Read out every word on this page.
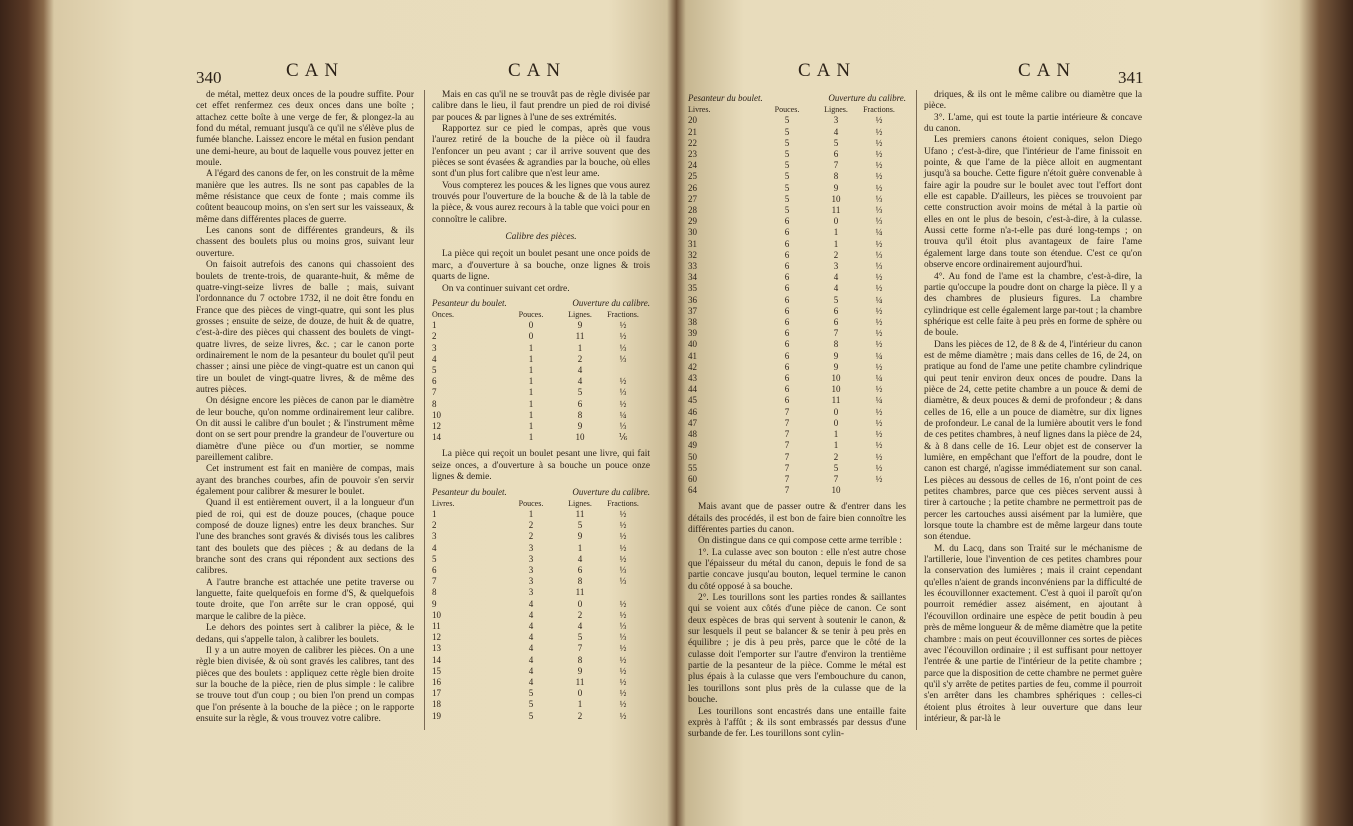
340	CAN	CAN

de métal, mettez deux onces de la poudre suffite. Pour cet effet renfermez ces deux onces dans une boîte ; attachez cette boîte à une verge de fer, & plongez-la au fond du métal, remuant jusqu'à ce qu'il ne s'élève plus de fumée blanche. Laissez encore le métal en fusion pendant une demi-heure, au bout de laquelle vous pouvez jetter en moule.

A l'égard des canons de fer, on les construit de la même manière que les autres. Ils ne sont pas capables de la même résistance que ceux de fonte ; mais comme ils coûtent beaucoup moins, on s'en sert sur les vaisseaux, & même dans différentes places de guerre.

Les canons sont de différentes grandeurs, & ils chassent des boulets plus ou moins gros, suivant leur ouverture.

On faisoit autrefois des canons qui chassoient des boulets de trente-trois, de quarante-huit, & même de quatre-vingt-seize livres de balle ; mais, suivant l'ordonnance du 7 octobre 1732, il ne doit être fondu en France que des pièces de vingt-quatre, qui sont les plus grosses ; ensuite de seize, de douze, de huit & de quatre, c'est-à-dire des pièces qui chassent des boulets de vingt-quatre livres, de seize livres, &c. ; car le canon porte ordinairement le nom de la pesanteur du boulet qu'il peut chasser ; ainsi une pièce de vingt-quatre est un canon qui tire un boulet de vingt-quatre livres, & de même des autres pièces.

On désigne encore les pièces de canon par le diamètre de leur bouche, qu'on nomme ordinairement leur calibre. On dit aussi le calibre d'un boulet ; & l'instrument même dont on se sert pour prendre la grandeur de l'ouverture ou diamètre d'une pièce ou d'un mortier, se nomme pareillement calibre.

Cet instrument est fait en manière de compas, mais ayant des branches courbes, afin de pouvoir s'en servir également pour calibrer & mesurer le boulet.

Quand il est entièrement ouvert, il a la longueur d'un pied de roi, qui est de douze pouces, (chaque pouce composé de douze lignes) entre les deux branches. Sur l'une des branches sont gravés & divisés tous les calibres tant des boulets que des pièces ; & au dedans de la branche sont des crans qui répondent aux sections des calibres.

A l'autre branche est attachée une petite traverse ou languette, faite quelquefois en forme d'S, & quelquefois toute droite, que l'on arrête sur le cran opposé, qui marque le calibre de la pièce.

Le dehors des pointes sert à calibrer la pièce, & le dedans, qui s'appelle talon, à calibrer les boulets.

Il y a un autre moyen de calibrer les pièces. On a une règle bien divisée, & où sont gravés les calibres, tant des pièces que des boulets : appliquez cette règle bien droite sur la bouche de la pièce, rien de plus simple : le calibre se trouve tout d'un coup ; ou bien l'on prend un compas que l'on présente à la bouche de la pièce ; on le rapporte ensuite sur la règle, & vous trouvez votre calibre.

Mais en cas qu'il ne se trouvât pas de règle divisée par calibre dans le lieu, il faut prendre un pied de roi divisé par pouces & par lignes à l'une de ses extrémités.

Rapportez sur ce pied le compas, après que vous l'aurez retiré de la bouche de la pièce où il faudra l'enfoncer un peu avant ; car il arrive souvent que des pièces se sont évasées & agrandies par la bouche, où elles sont d'un plus fort calibre que n'est leur ame.

Vous compterez les pouces & les lignes que vous aurez trouvés pour l'ouverture de la bouche & de là la table de la pièce, & vous aurez recours à la table que voici pour en connoître le calibre.

Calibre des pièces.

La pièce qui reçoit un boulet pesant une once poids de marc, a d'ouverture à sa bouche, onze lignes & trois quarts de ligne.

On va continuer suivant cet ordre.

Pesanteur du boulet.	Ouverture du calibre.
Onces.	Pouces.	Lignes.	Fractions.
1	0	9	½
2	0	11	½
3	1	1	⅓
4	1	2	⅓
5	1	4
6	1	4	½
7	1	5	⅓
8	1	6	½
10	1	8	¼
12	1	9	⅓
14	1	10	⅙

La pièce qui reçoit un boulet pesant une livre, qui fait seize onces, a d'ouverture à sa bouche un pouce onze lignes & demie.

Pesanteur du boulet.	Ouverture du calibre.
Livres.	Pouces.	Lignes.	Fractions.
1	1	11	½
2	2	5	½
3	2	9	½
4	3	1	½
5	3	4	½
6	3	6	⅓
7	3	8	⅓
8	3	11
9	4	0	½
10	4	2	½
11	4	4	⅓
12	4	5	⅓
13	4	7	½
14	4	8	½
15	4	9	½
16	4	11	½
17	5	0	½
18	5	1	½
19	5	2	½
CAN	CAN 341
Pesanteur du boulet.	Ouverture du calibre.
Livres.	Pouces.	Lignes.	Fractions.
20	5	3	½
21	5	4	½
22	5	5	½
23	5	6	½
24	5	7	½
25	5	8	½
26	5	9	½
27	5	10	⅓
28	5	11	⅓
29	6	0	⅓
30	6	1	¼
31	6	1	½
32	6	2	⅓
33	6	3	⅓
34	6	4	½
35	6	4	½
36	6	5	¼
37	6	6	½
38	6	6	½
39	6	7	½
40	6	8	½
41	6	9	¼
42	6	9	½
43	6	10	¼
44	6	10	½
45	6	11	¼
46	7	0	½
47	7	0	½
48	7	1	½
49	7	1	½
50	7	2	½
55	7	5	½
60	7	7	½
64	7	10

Mais avant que de passer outre & d'entrer dans les détails des procédés, il est bon de faire bien connoître les différentes parties du canon.

On distingue dans ce qui compose cette arme terrible :

1°. La culasse avec son bouton : elle n'est autre chose que l'épaisseur du métal du canon, depuis le fond de sa partie concave jusqu'au bouton, lequel termine le canon du côté opposé à sa bouche.

2°. Les tourillons sont les parties rondes & saillantes qui se voient aux côtés d'une pièce de canon. Ce sont deux espèces de bras qui servent à soutenir le canon, & sur lesquels il peut se balancer & se tenir à peu près en équilibre ; je dis à peu près, parce que le côté de la culasse doit l'emporter sur l'autre d'environ la trentième partie de la pesanteur de la pièce. Comme le métal est plus épais à la culasse que vers l'embouchure du canon, les tourillons sont plus près de la culasse que de la bouche.

Les tourillons sont encastrés dans une entaille faite exprès à l'affût ; & ils sont embrassés par dessus d'une surbande de fer. Les tourillons sont cylin-

driques, & ils ont le même calibre ou diamètre que la pièce.

3°. L'ame, qui est toute la partie intérieure & concave du canon.

Les premiers canons étoient coniques, selon Diego Ufano ; c'est-à-dire, que l'intérieur de l'ame finissoit en pointe, & que l'ame de la pièce alloit en augmentant jusqu'à sa bouche. Cette figure n'étoit guère convenable à faire agir la poudre sur le boulet avec tout l'effort dont elle est capable. D'ailleurs, les pièces se trouvoient par cette construction avoir moins de métal à la partie où elles en ont le plus de besoin, c'est-à-dire, à la culasse. Aussi cette forme n'a-t-elle pas duré long-temps ; on trouva qu'il étoit plus avantageux de faire l'ame également large dans toute son étendue. C'est ce qu'on observe encore ordinairement aujourd'hui.

4°. Au fond de l'ame est la chambre, c'est-à-dire, la partie qu'occupe la poudre dont on charge la pièce. Il y a des chambres de plusieurs figures. La chambre cylindrique est celle également large par-tout ; la chambre sphérique est celle faite à peu près en forme de sphère ou de boule.

Dans les pièces de 12, de 8 & de 4, l'intérieur du canon est de même diamètre ; mais dans celles de 16, de 24, on pratique au fond de l'ame une petite chambre cylindrique qui peut tenir environ deux onces de poudre. Dans la pièce de 24, cette petite chambre a un pouce & demi de diamètre, & deux pouces & demi de profondeur ; & dans celles de 16, elle a un pouce de diamètre, sur dix lignes de profondeur. Le canal de la lumière aboutit vers le fond de ces petites chambres, à neuf lignes dans la pièce de 24, & à 8 dans celle de 16. Leur objet est de conserver la lumière, en empêchant que l'effort de la poudre, dont le canon est chargé, n'agisse immédiatement sur son canal. Les pièces au dessous de celles de 16, n'ont point de ces petites chambres, parce que ces pièces servent aussi à tirer à cartouche ; la petite chambre ne permettroit pas de percer les cartouches aussi aisément par la lumière, que lorsque toute la chambre est de même largeur dans toute son étendue.

M. du Lacq, dans son Traité sur le méchanisme de l'artillerie, loue l'invention de ces petites chambres pour la conservation des lumières ; mais il craint cependant qu'elles n'aient de grands inconvéniens par la difficulté de les écouvillonner exactement. C'est à quoi il paroît qu'on pourroit remédier assez aisément, en ajoutant à l'écouvillon ordinaire une espèce de petit boudin à peu près de même longueur & de même diamètre que la petite chambre : mais on peut écouvillonner ces sortes de pièces avec l'écouvillon ordinaire ; il est suffisant pour nettoyer l'entrée & une partie de l'intérieur de la petite chambre ; parce que la disposition de cette chambre ne permet guère qu'il s'y arrête de petites parties de feu, comme il pourroit s'en arrêter dans les chambres sphériques : celles-ci étoient plus étroites à leur ouverture que dans leur intérieur, & par-là le
